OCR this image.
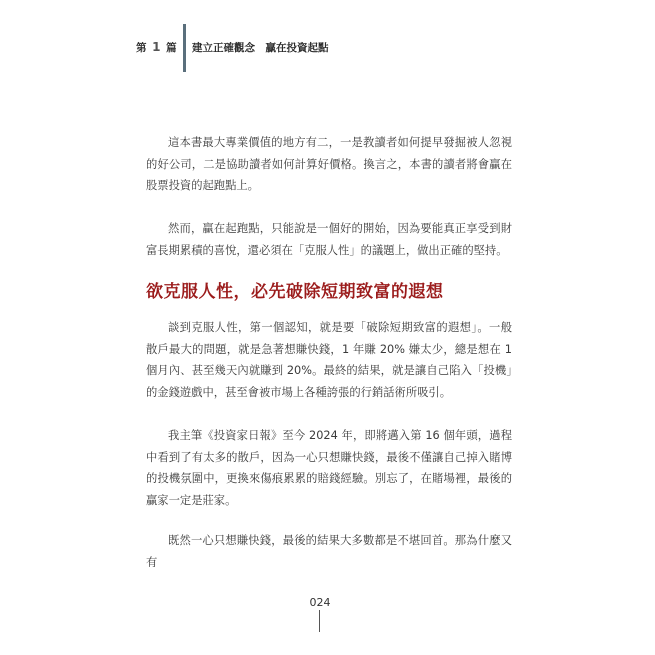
第 1 篇 建立正確觀念　贏在投資起點

這本書最大專業價值的地方有二，一是教讀者如何提早發掘被人忽視的好公司，二是協助讀者如何計算好價格。換言之，本書的讀者將會贏在股票投資的起跑點上。

然而，贏在起跑點，只能說是一個好的開始，因為要能真正享受到財富長期累積的喜悅，還必須在「克服人性」的議題上，做出正確的堅持。

欲克服人性，必先破除短期致富的遐想

談到克服人性，第一個認知，就是要「破除短期致富的遐想」。一般散戶最大的問題，就是急著想賺快錢，1 年賺 20% 嫌太少，總是想在 1 個月內、甚至幾天內就賺到 20%。最終的結果，就是讓自己陷入「投機」的金錢遊戲中，甚至會被市場上各種誇張的行銷話術所吸引。

我主筆《投資家日報》至今 2024 年，即將邁入第 16 個年頭，過程中看到了有太多的散戶，因為一心只想賺快錢，最後不僅讓自己掉入賭博的投機氛圍中，更換來傷痕累累的賠錢經驗。別忘了，在賭場裡，最後的贏家一定是莊家。

既然一心只想賺快錢，最後的結果大多數都是不堪回首。那為什麼又有

024
